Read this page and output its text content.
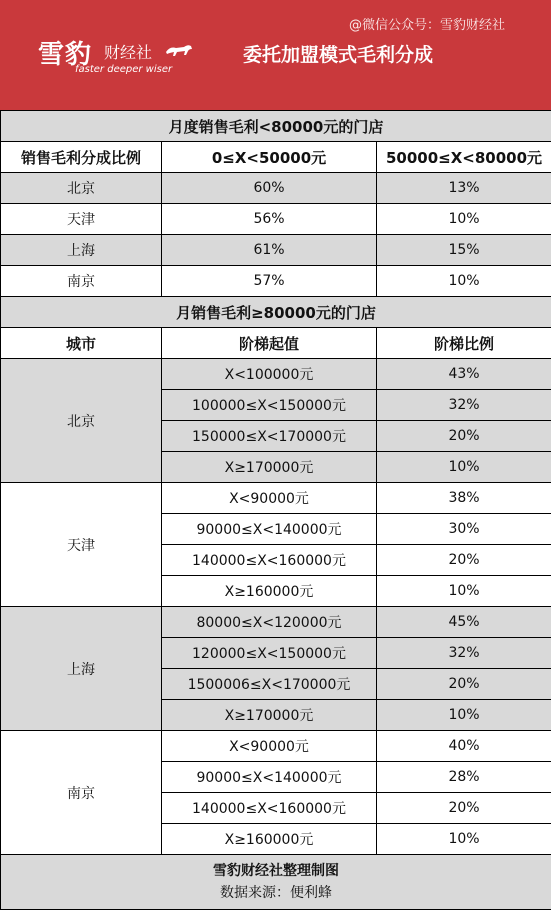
@微信公众号：雪豹财经社
雪豹 财经社
faster deeper wiser
委托加盟模式毛利分成
月度销售毛利<80000元的门店		
销售毛利分成比例	0≤X<50000元	50000≤X<80000元
北京	60%	13%
天津	56%	10%
上海	61%	15%
南京	57%	10%
月销售毛利≥80000元的门店		
城市	阶梯起值	阶梯比例
北京	X<100000元	43%
	100000≤X<150000元	32%
	150000≤X<170000元	20%
	X≥170000元	10%
天津	X<90000元	38%
	90000≤X<140000元	30%
	140000≤X<160000元	20%
	X≥160000元	10%
上海	80000≤X<120000元	45%
	120000≤X<150000元	32%
	1500006≤X<170000元	20%
	X≥170000元	10%
南京	X<90000元	40%
	90000≤X<140000元	28%
	140000≤X<160000元	20%
	X≥160000元	10%

雪豹财经社整理制图
数据来源：便利蜂		
